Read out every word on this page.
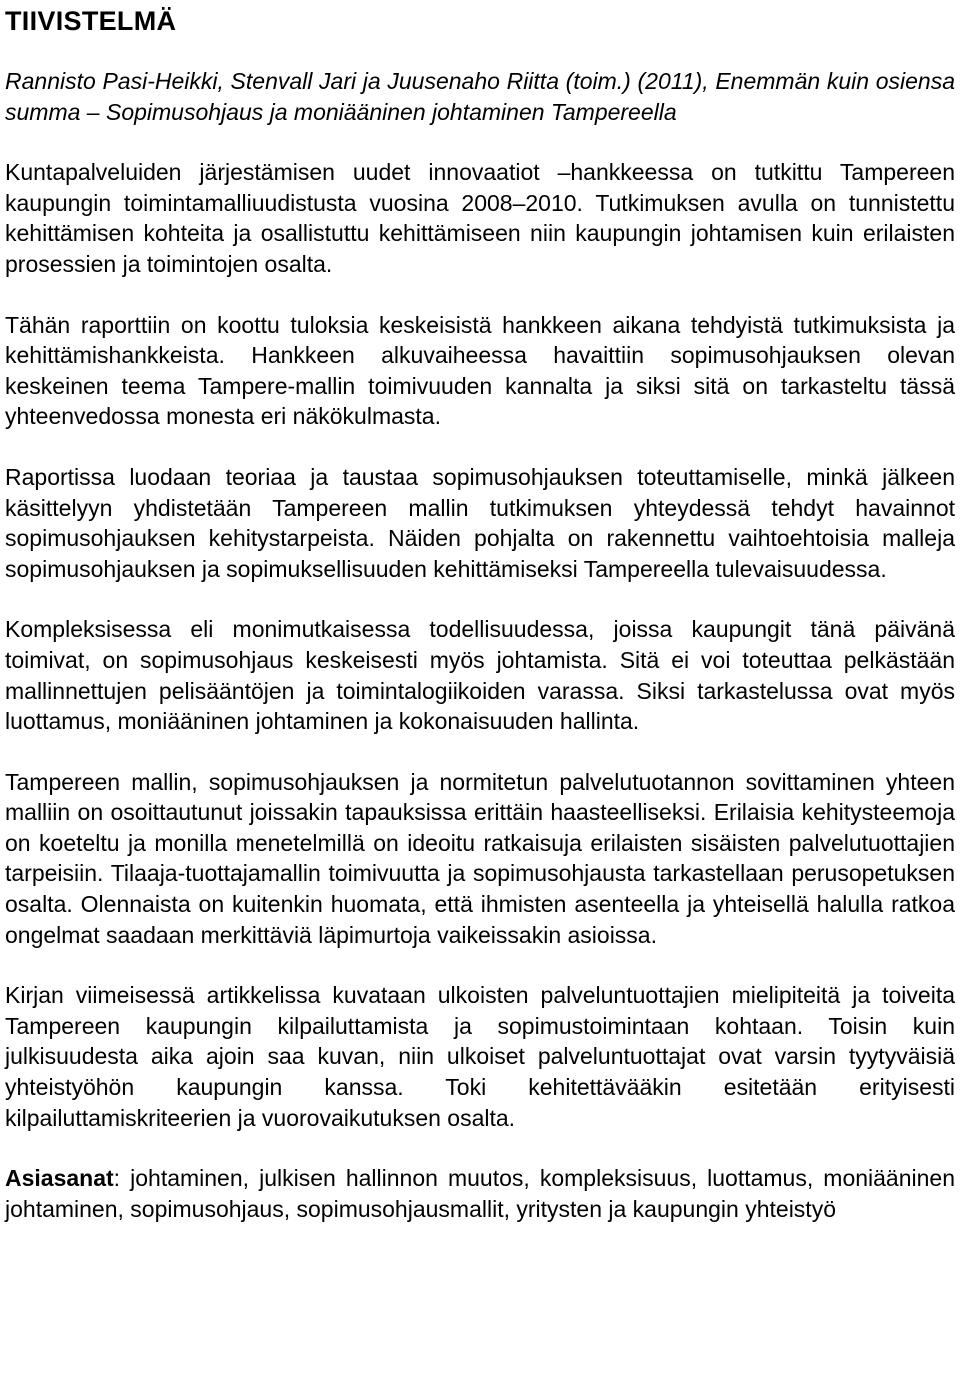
TIIVISTELMÄ

Rannisto Pasi-Heikki, Stenvall Jari ja Juusenaho Riitta (toim.) (2011), Enemmän kuin osiensa summa – Sopimusohjaus ja moniääninen johtaminen Tampereella

Kuntapalveluiden järjestämisen uudet innovaatiot –hankkeessa on tutkittu Tampereen kaupungin toimintamalliuudistusta vuosina 2008–2010. Tutkimuksen avulla on tunnistettu kehittämisen kohteita ja osallistuttu kehittämiseen niin kaupungin johtamisen kuin erilaisten prosessien ja toimintojen osalta.

Tähän raporttiin on koottu tuloksia keskeisistä hankkeen aikana tehdyistä tutkimuksista ja kehittämishankkeista. Hankkeen alkuvaiheessa havaittiin sopimusohjauksen olevan keskeinen teema Tampere-mallin toimivuuden kannalta ja siksi sitä on tarkasteltu tässä yhteenvedossa monesta eri näkökulmasta.

Raportissa luodaan teoriaa ja taustaa sopimusohjauksen toteuttamiselle, minkä jälkeen käsittelyyn yhdistetään Tampereen mallin tutkimuksen yhteydessä tehdyt havainnot sopimusohjauksen kehitystarpeista. Näiden pohjalta on rakennettu vaihtoehtoisia malleja sopimusohjauksen ja sopimuksellisuuden kehittämiseksi Tampereella tulevaisuudessa.

Kompleksisessa eli monimutkaisessa todellisuudessa, joissa kaupungit tänä päivänä toimivat, on sopimusohjaus keskeisesti myös johtamista. Sitä ei voi toteuttaa pelkästään mallinnettujen pelisääntöjen ja toimintalogiikoiden varassa. Siksi tarkastelussa ovat myös luottamus, moniääninen johtaminen ja kokonaisuuden hallinta.

Tampereen mallin, sopimusohjauksen ja normitetun palvelutuotannon sovittaminen yhteen malliin on osoittautunut joissakin tapauksissa erittäin haasteelliseksi. Erilaisia kehitysteemoja on koeteltu ja monilla menetelmillä on ideoitu ratkaisuja erilaisten sisäisten palvelutuottajien tarpeisiin. Tilaaja-tuottajamallin toimivuutta ja sopimusohjausta tarkastellaan perusopetuksen osalta. Olennaista on kuitenkin huomata, että ihmisten asenteella ja yhteisellä halulla ratkoa ongelmat saadaan merkittäviä läpimurtoja vaikeissakin asioissa.

Kirjan viimeisessä artikkelissa kuvataan ulkoisten palveluntuottajien mielipiteitä ja toiveita Tampereen kaupungin kilpailuttamista ja sopimustoimintaan kohtaan. Toisin kuin julkisuudesta aika ajoin saa kuvan, niin ulkoiset palveluntuottajat ovat varsin tyytyväisiä yhteistyöhön kaupungin kanssa. Toki kehitettävääkin esitetään erityisesti kilpailuttamiskriteerien ja vuorovaikutuksen osalta.

Asiasanat: johtaminen, julkisen hallinnon muutos, kompleksisuus, luottamus, moniääninen johtaminen, sopimusohjaus, sopimusohjausmallit, yritysten ja kaupungin yhteistyö
